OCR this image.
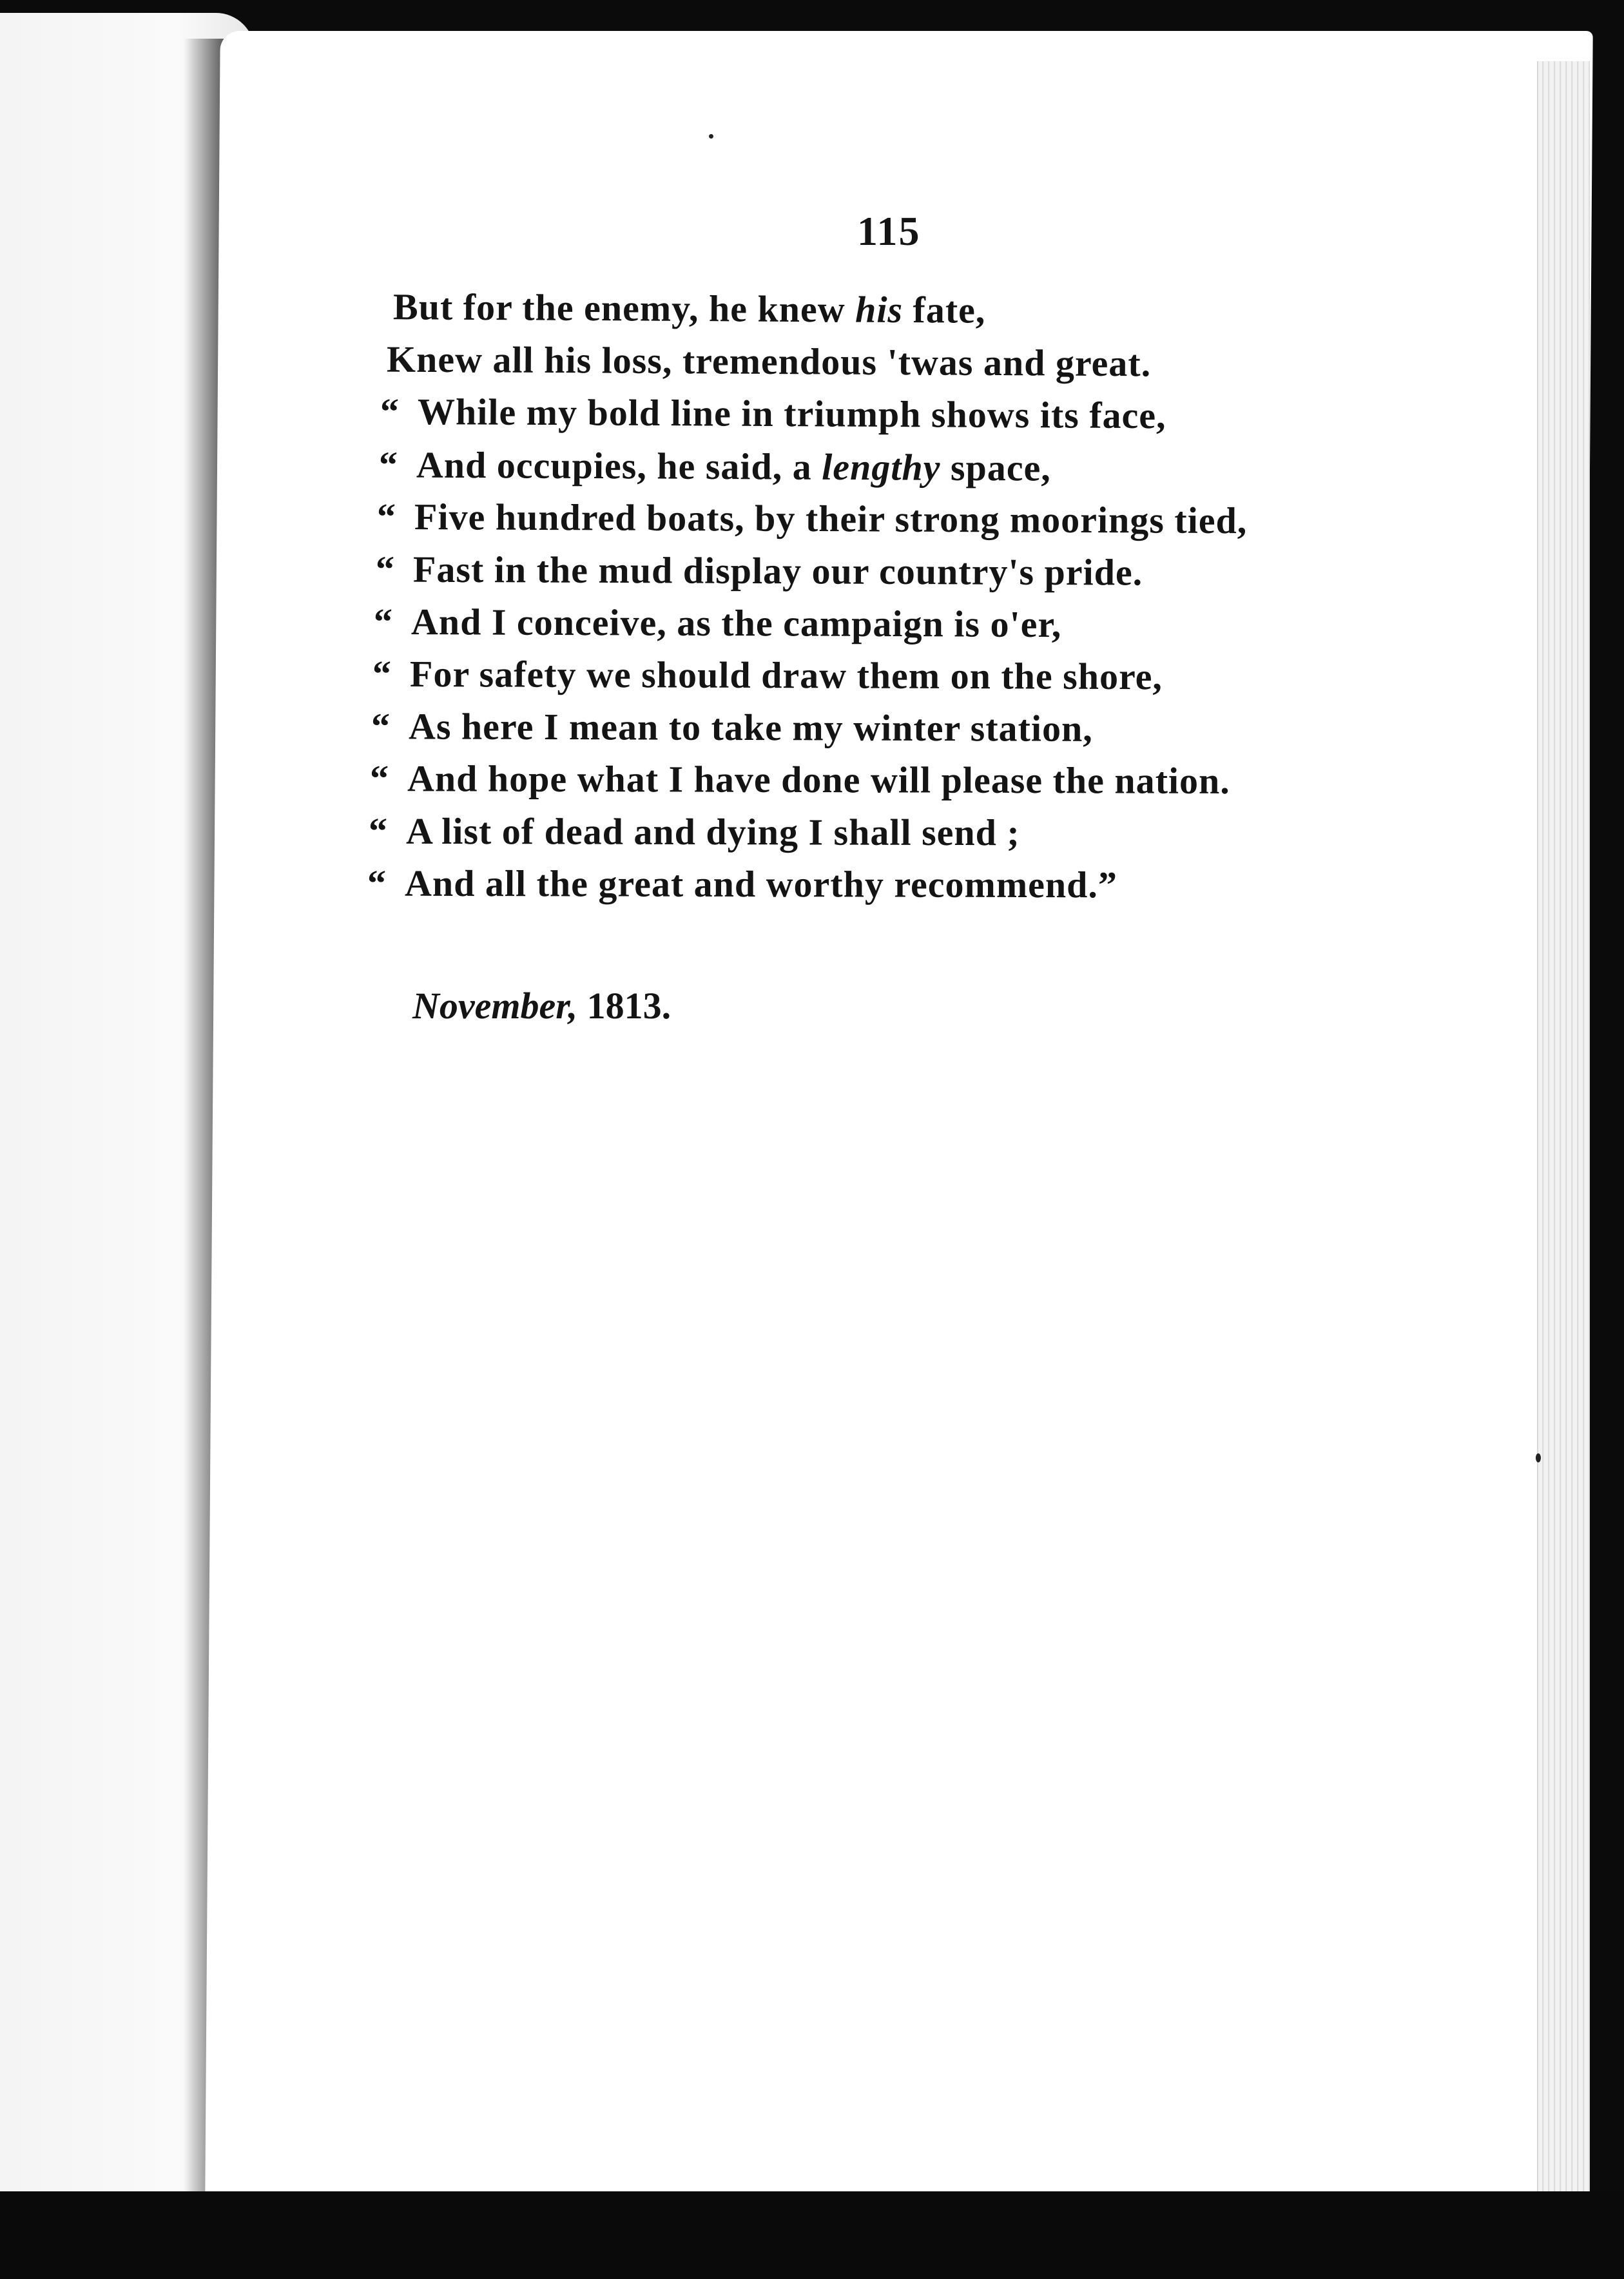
115
But for the enemy, he knew his fate,
Knew all his loss, tremendous 'twas and great.
“ While my bold line in triumph shows its face,
“ And occupies, he said, a lengthy space,
“ Five hundred boats, by their strong moorings tied,
“ Fast in the mud display our country's pride.
“ And I conceive, as the campaign is o'er,
“ For safety we should draw them on the shore,
“ As here I mean to take my winter station,
“ And hope what I have done will please the nation.
“ A list of dead and dying I shall send ;
“ And all the great and worthy recommend.”
November, 1813.
